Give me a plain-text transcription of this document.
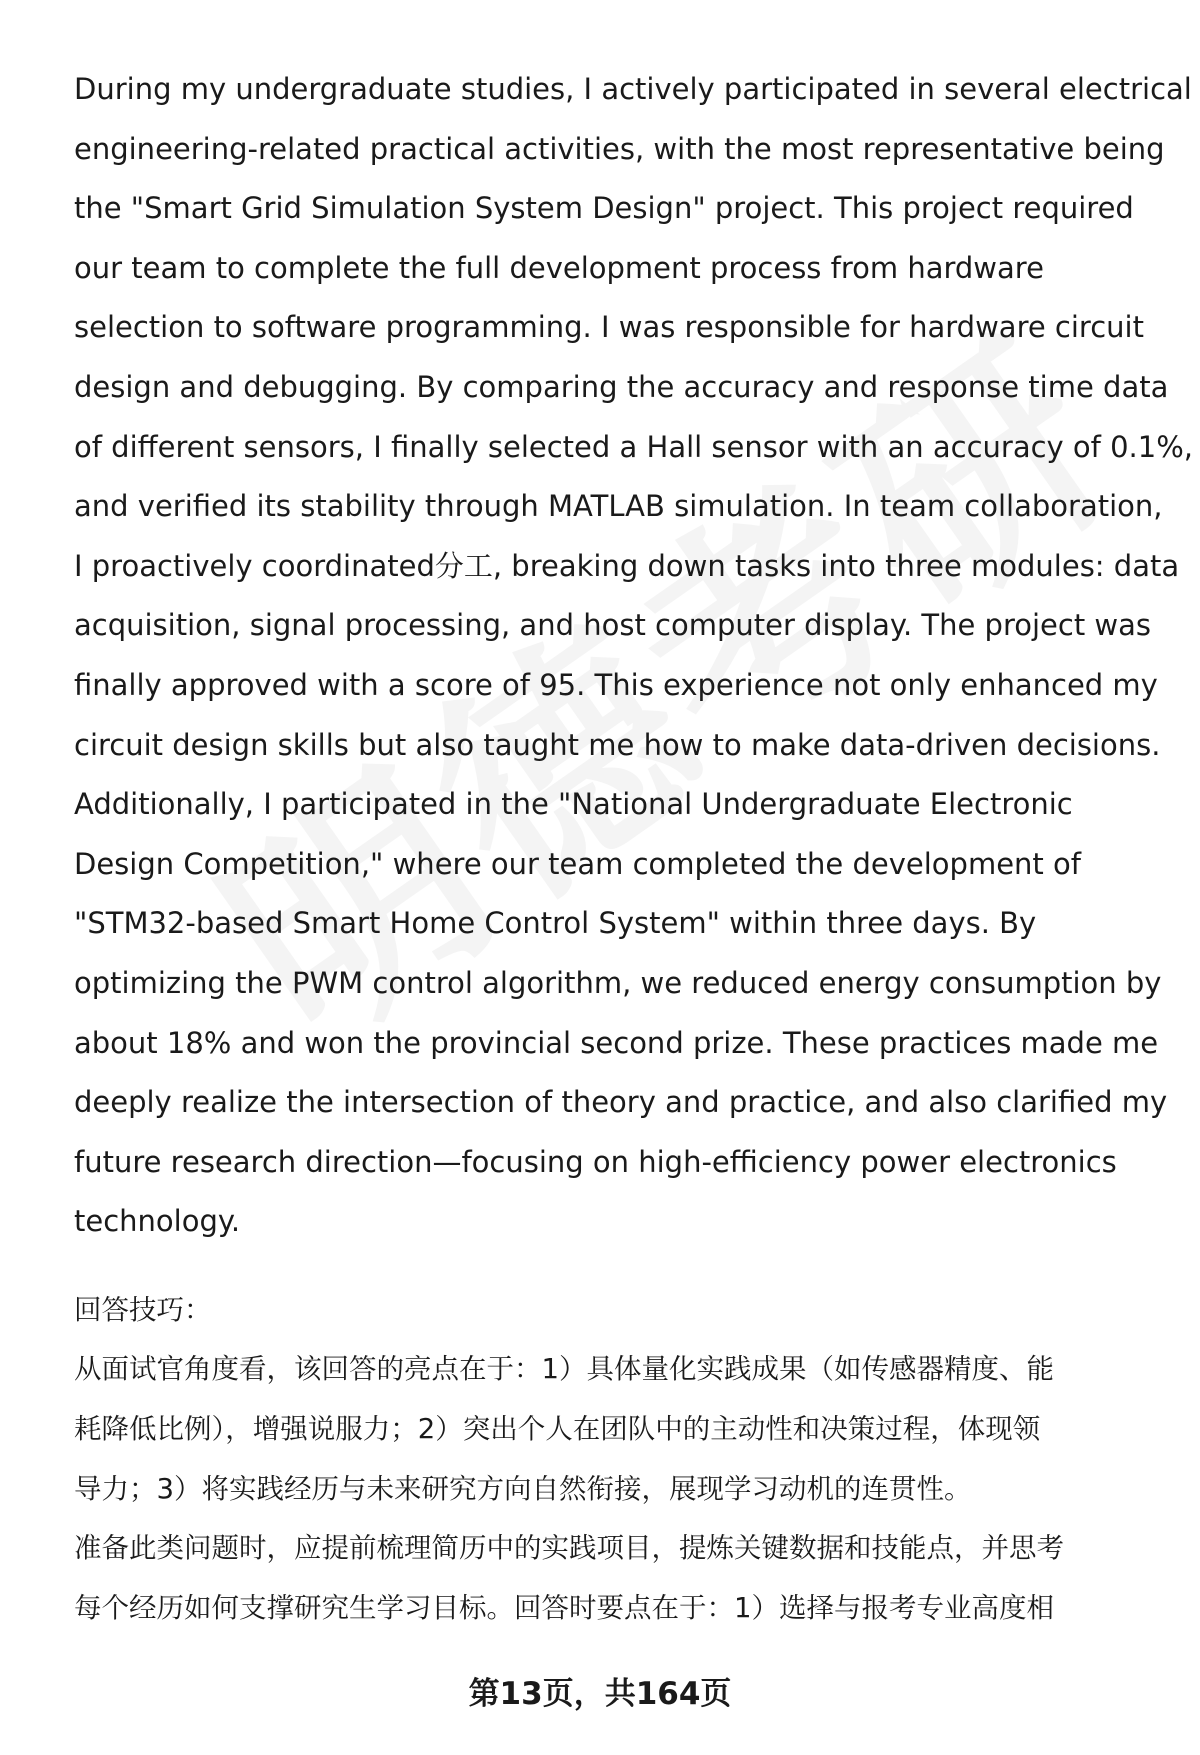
During my undergraduate studies, I actively participated in several electrical

engineering-related practical activities, with the most representative being

the "Smart Grid Simulation System Design" project. This project required

our team to complete the full development process from hardware

selection to software programming. I was responsible for hardware circuit

design and debugging. By comparing the accuracy and response time data

of different sensors, I finally selected a Hall sensor with an accuracy of 0.1%,

and verified its stability through MATLAB simulation. In team collaboration,

I proactively coordinated分工, breaking down tasks into three modules: data

acquisition, signal processing, and host computer display. The project was

finally approved with a score of 95. This experience not only enhanced my

circuit design skills but also taught me how to make data-driven decisions.

Additionally, I participated in the "National Undergraduate Electronic

Design Competition," where our team completed the development of

"STM32-based Smart Home Control System" within three days. By

optimizing the PWM control algorithm, we reduced energy consumption by

about 18% and won the provincial second prize. These practices made me

deeply realize the intersection of theory and practice, and also clarified my

future research direction—focusing on high-efficiency power electronics

technology.

回答技巧：

从面试官角度看，该回答的亮点在于：1）具体量化实践成果（如传感器精度、能

耗降低比例），增强说服力；2）突出个人在团队中的主动性和决策过程，体现领

导力；3）将实践经历与未来研究方向自然衔接，展现学习动机的连贯性。

准备此类问题时，应提前梳理简历中的实践项目，提炼关键数据和技能点，并思考

每个经历如何支撑研究生学习目标。回答时要点在于：1）选择与报考专业高度相

第13页，共164页
